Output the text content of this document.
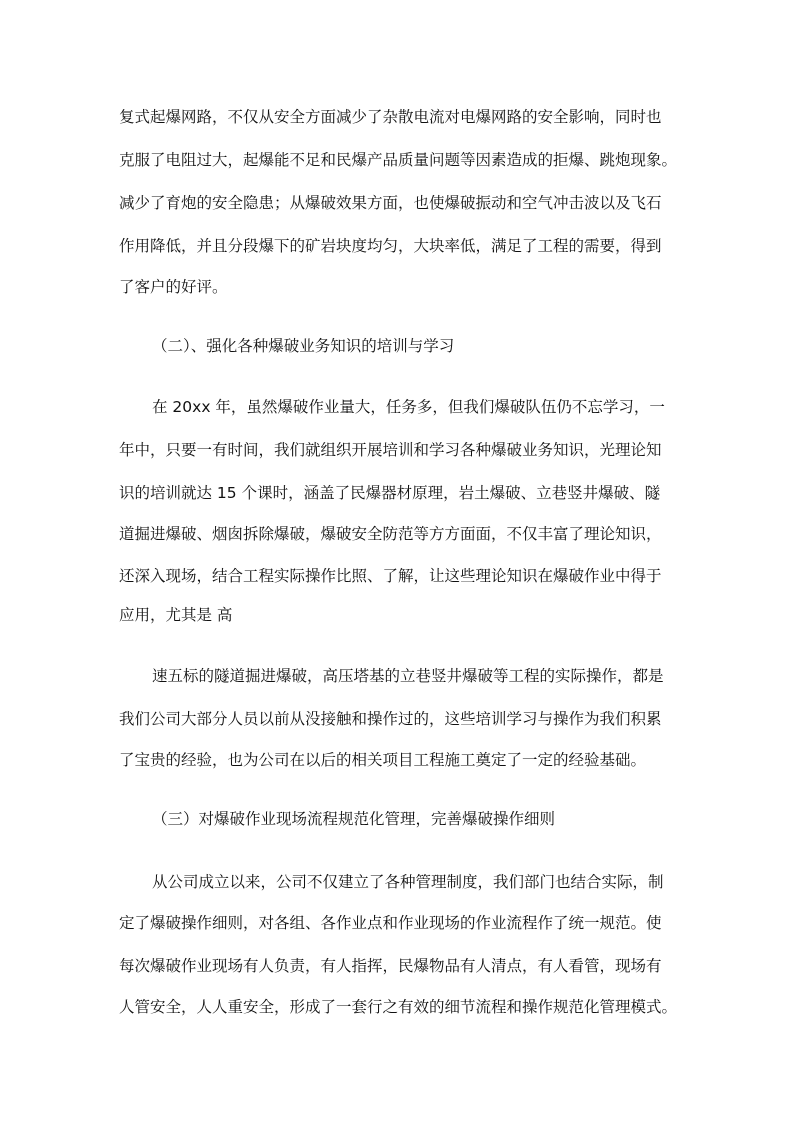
复式起爆网路，不仅从安全方面减少了杂散电流对电爆网路的安全影响，同时也
克服了电阻过大，起爆能不足和民爆产品质量问题等因素造成的拒爆、跳炮现象。
减少了育炮的安全隐患；从爆破效果方面，也使爆破振动和空气冲击波以及飞石
作用降低，并且分段爆下的矿岩块度均匀，大块率低，满足了工程的需要，得到
了客户的好评。
（二）、强化各种爆破业务知识的培训与学习
在 20xx 年，虽然爆破作业量大，任务多，但我们爆破队伍仍不忘学习，一
年中，只要一有时间，我们就组织开展培训和学习各种爆破业务知识，光理论知
识的培训就达 15 个课时，涵盖了民爆器材原理，岩土爆破、立巷竖井爆破、隧
道掘进爆破、烟囱拆除爆破，爆破安全防范等方方面面，不仅丰富了理论知识，
还深入现场，结合工程实际操作比照、了解，让这些理论知识在爆破作业中得于
应用，尤其是 高
速五标的隧道掘进爆破，高压塔基的立巷竖井爆破等工程的实际操作，都是
我们公司大部分人员以前从没接触和操作过的，这些培训学习与操作为我们积累
了宝贵的经验，也为公司在以后的相关项目工程施工奠定了一定的经验基础。
（三）对爆破作业现场流程规范化管理，完善爆破操作细则
从公司成立以来，公司不仅建立了各种管理制度，我们部门也结合实际，制
定了爆破操作细则，对各组、各作业点和作业现场的作业流程作了统一规范。使
每次爆破作业现场有人负责，有人指挥，民爆物品有人清点，有人看管，现场有
人管安全，人人重安全，形成了一套行之有效的细节流程和操作规范化管理模式。
